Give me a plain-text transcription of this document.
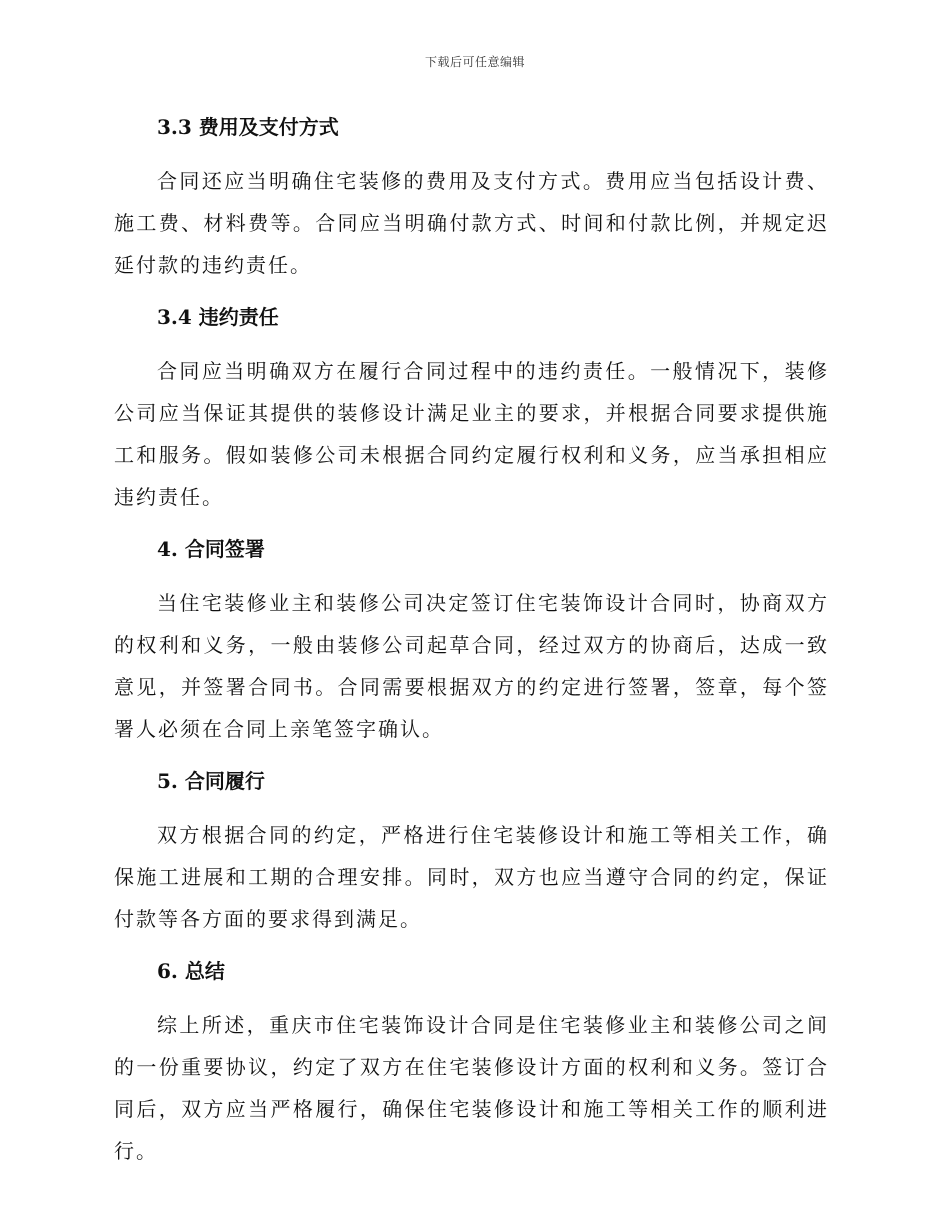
下载后可任意编辑
3.3 费用及支付方式

合同还应当明确住宅装修的费用及支付方式。费用应当包括设计费、施工费、材料费等。合同应当明确付款方式、时间和付款比例，并规定迟延付款的违约责任。

3.4 违约责任

合同应当明确双方在履行合同过程中的违约责任。一般情况下，装修公司应当保证其提供的装修设计满足业主的要求，并根据合同要求提供施工和服务。假如装修公司未根据合同约定履行权利和义务，应当承担相应违约责任。

4. 合同签署

当住宅装修业主和装修公司决定签订住宅装饰设计合同时，协商双方的权利和义务，一般由装修公司起草合同，经过双方的协商后，达成一致意见，并签署合同书。合同需要根据双方的约定进行签署，签章，每个签署人必须在合同上亲笔签字确认。

5. 合同履行

双方根据合同的约定，严格进行住宅装修设计和施工等相关工作，确保施工进展和工期的合理安排。同时，双方也应当遵守合同的约定，保证付款等各方面的要求得到满足。

6. 总结

综上所述，重庆市住宅装饰设计合同是住宅装修业主和装修公司之间的一份重要协议，约定了双方在住宅装修设计方面的权利和义务。签订合同后，双方应当严格履行，确保住宅装修设计和施工等相关工作的顺利进行。
